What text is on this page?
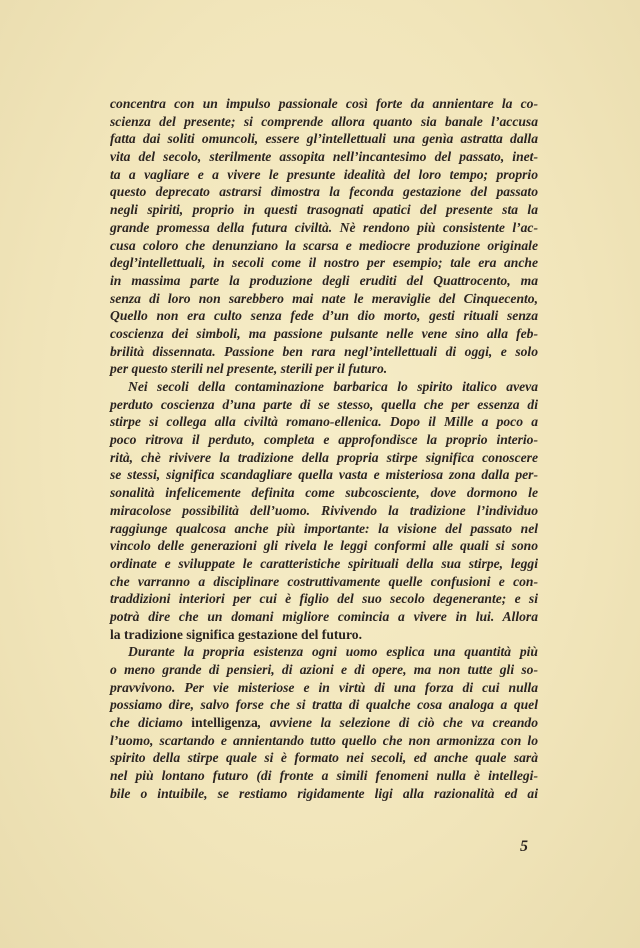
concentra con un impulso passionale così forte da annientare la co-
scienza del presente; si comprende allora quanto sia banale l’accusa
fatta dai soliti omuncoli, essere gl’intellettuali una genìa astratta dalla
vita del secolo, sterilmente assopita nell’incantesimo del passato, inet-
ta a vagliare e a vivere le presunte idealità del loro tempo; proprio
questo deprecato astrarsi dimostra la feconda gestazione del passato
negli spiriti, proprio in questi trasognati apatici del presente sta la
grande promessa della futura civiltà. Nè rendono più consistente l’ac-
cusa coloro che denunziano la scarsa e mediocre produzione originale
degl’intellettuali, in secoli come il nostro per esempio; tale era anche
in massima parte la produzione degli eruditi del Quattrocento, ma
senza di loro non sarebbero mai nate le meraviglie del Cinquecento,
Quello non era culto senza fede d’un dio morto, gesti rituali senza
coscienza dei simboli, ma passione pulsante nelle vene sino alla feb-
brilità dissennata. Passione ben rara negl’intellettuali di oggi, e solo
per questo sterili nel presente, sterili per il futuro.
Nei secoli della contaminazione barbarica lo spirito italico aveva
perduto coscienza d’una parte di se stesso, quella che per essenza di
stirpe si collega alla civiltà romano-ellenica. Dopo il Mille a poco a
poco ritrova il perduto, completa e approfondisce la proprio interio-
rità, chè rivivere la tradizione della propria stirpe significa conoscere
se stessi, significa scandagliare quella vasta e misteriosa zona dalla per-
sonalità infelicemente definita come subcosciente, dove dormono le
miracolose possibilità dell’uomo. Rivivendo la tradizione l’individuo
raggiunge qualcosa anche più importante: la visione del passato nel
vincolo delle generazioni gli rivela le leggi conformi alle quali si sono
ordinate e sviluppate le caratteristiche spirituali della sua stirpe, leggi
che varranno a disciplinare costruttivamente quelle confusioni e con-
traddizioni interiori per cui è figlio del suo secolo degenerante; e si
potrà dire che un domani migliore comincia a vivere in lui. Allora
la tradizione significa gestazione del futuro.
Durante la propria esistenza ogni uomo esplica una quantità più
o meno grande di pensieri, di azioni e di opere, ma non tutte gli so-
pravvivono. Per vie misteriose e in virtù di una forza di cui nulla
possiamo dire, salvo forse che si tratta di qualche cosa analoga a quel
che diciamo intelligenza, avviene la selezione di ciò che va creando
l’uomo, scartando e annientando tutto quello che non armonizza con lo
spirito della stirpe quale si è formato nei secoli, ed anche quale sarà
nel più lontano futuro (di fronte a simili fenomeni nulla è intellegi-
bile o intuibile, se restiamo rigidamente ligi alla razionalità ed ai
5
